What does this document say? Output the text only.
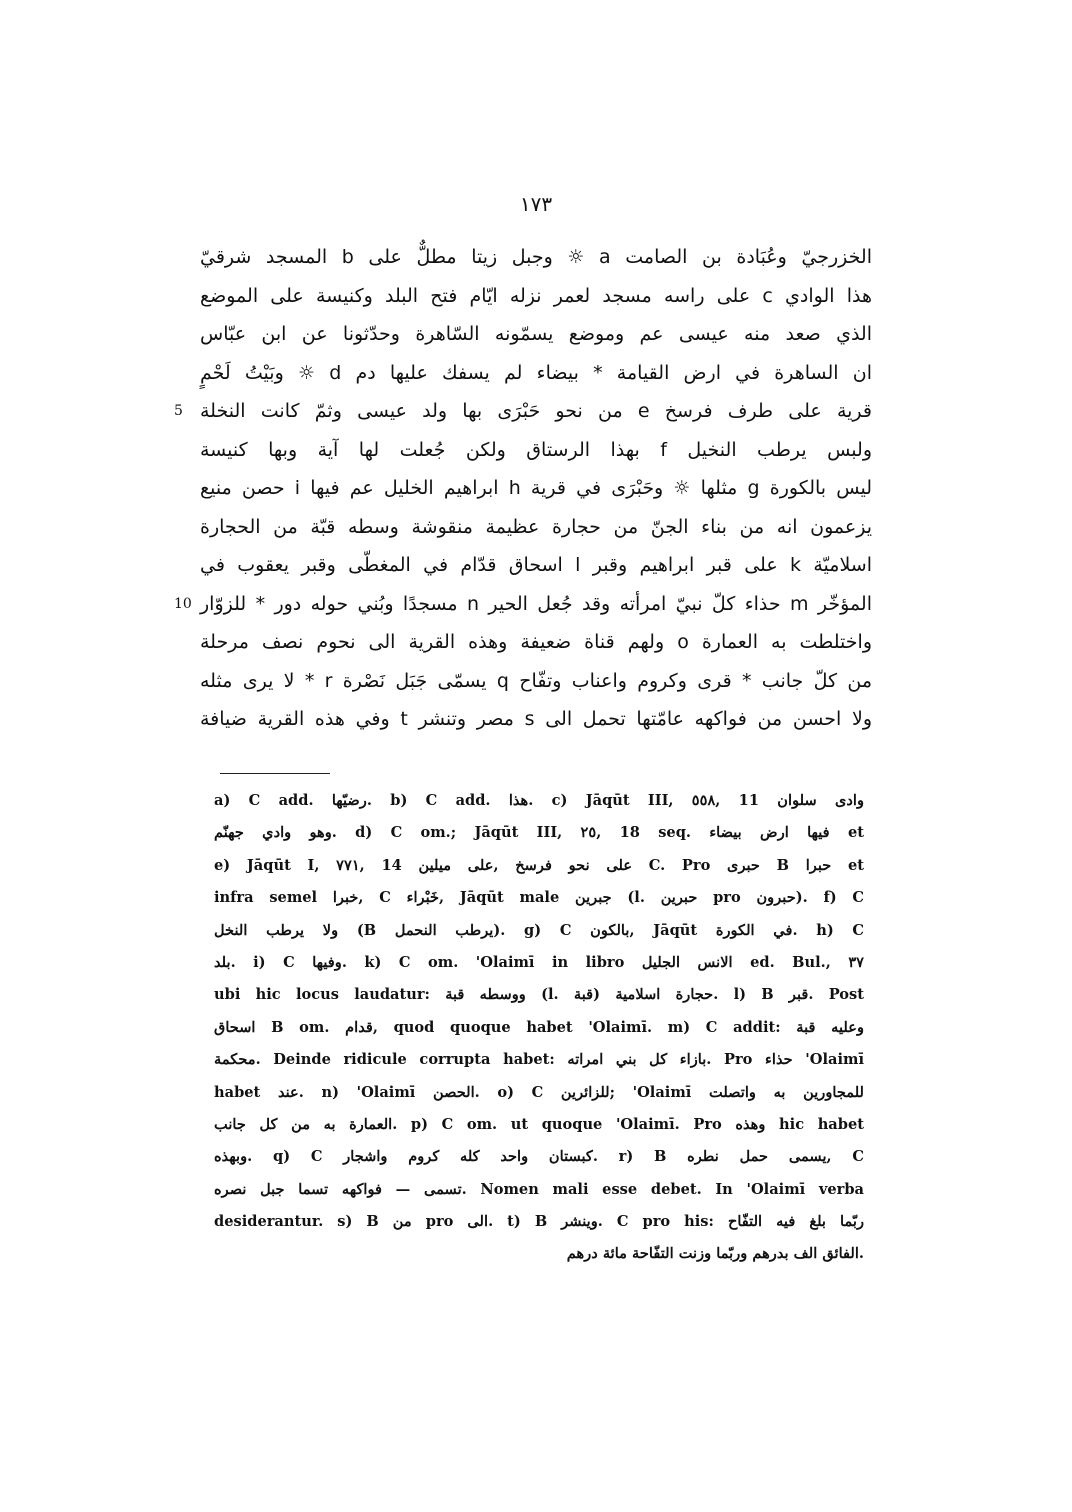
۱۷۳
الخزرجيّ وعُبَادة بن الصامت a ☼ وجبل زيتا مطلٌّ على b المسجد شرقيّ
هذا الوادي c على راسه مسجد لعمر نزله ايّام فتح البلد وكنيسة على الموضع
الذي صعد منه عيسى عم وموضع يسمّونه السّاهرة وحدّثونا عن ابن عبّاس
ان الساهرة في ارض القيامة * بيضاء لم يسفك عليها دم d ☼ وبَيْتُ لَحْمٍ
5 قرية على طرف فرسخ e من نحو حَبْرَى بها ولد عيسى وثمّ كانت النخلة
ولبس يرطب النخيل f بهذا الرستاق ولكن جُعلت لها آية وبها كنيسة
ليس بالكورة g مثلها ☼ وحَبْرَى في قرية h ابراهيم الخليل عم فيها i حصن منيع
يزعمون انه من بناء الجنّ من حجارة عظيمة منقوشة وسطه قبّة من الحجارة
اسلاميّة k على قبر ابراهيم وقبر l اسحاق قدّام في المغطّى وقبر يعقوب في
10 المؤخّر m حذاء كلّ نبيّ امرأته وقد جُعل الحير n مسجدًا وبُني حوله دور * للزوّار
واختلطت به العمارة o ولهم قناة ضعيفة وهذه القرية الى نحوم نصف مرحلة
من كلّ جانب * قرى وكروم واعناب وتفّاح q يسمّى جَبَل نَصْرة r * لا يرى مثله
ولا احسن من فواكهه عامّتها تحمل الى s مصر وتنشر t وفي هذه القرية ضيافة
a) C add. رضيّها. b) C add. هذا. c) Jāqūt III, ٥٥٨, 11 وادى سلوان
وهو وادي جهنّم. d) C om.; Jāqūt III, ٢٥, 18 seq. فيها ارض بيضاء et
e) Jāqūt I, ٧٧١, 14 على نحو فرسخ ,على ميلين C. Pro حبرى B حبرا et
infra semel خبرا, C خَبْراء, Jāqūt male جبرين (l. حبرين pro حبرون). f) C
ولا يرطب النخل (B يرطب النحمل). g) C بالكون, Jāqūt في الكورة. h) C
بلد. i) C وفيها. k) C om. 'Olaimī in libro الانس الجليل ed. Bul., ٣٧
ubi hic locus laudatur: ووسطه قبة (l. قبة) حجارة اسلامية. l) B قبر. Post
اسحاق B om. قدام, quod quoque habet 'Olaimī. m) C addit: وعليه قبة
محكمة. Deinde ridicule corrupta habet: بازاء كل بني امراته. Pro حذاء 'Olaimī
habet عند. n) 'Olaimī الحصن. o) C للزائرين; 'Olaimī للمجاورين به واتصلت
العمارة به من كل جانب. p) C om. ut quoque 'Olaimī. Pro وهذه hic habet
وبهذه. q) C كبستان واحد كله كروم واشجار. r) B يسمى حمل نطره, C
تسمى — فواكهه تسما جبل نصره. Nomen mali esse debet. In 'Olaimī verba
desiderantur. s) B من pro الى. t) B وينشر. C pro his: ربّما بلغ فيه التفّاح
الفائق الف بدرهم وربّما وزنت التفّاحة مائة درهم.
